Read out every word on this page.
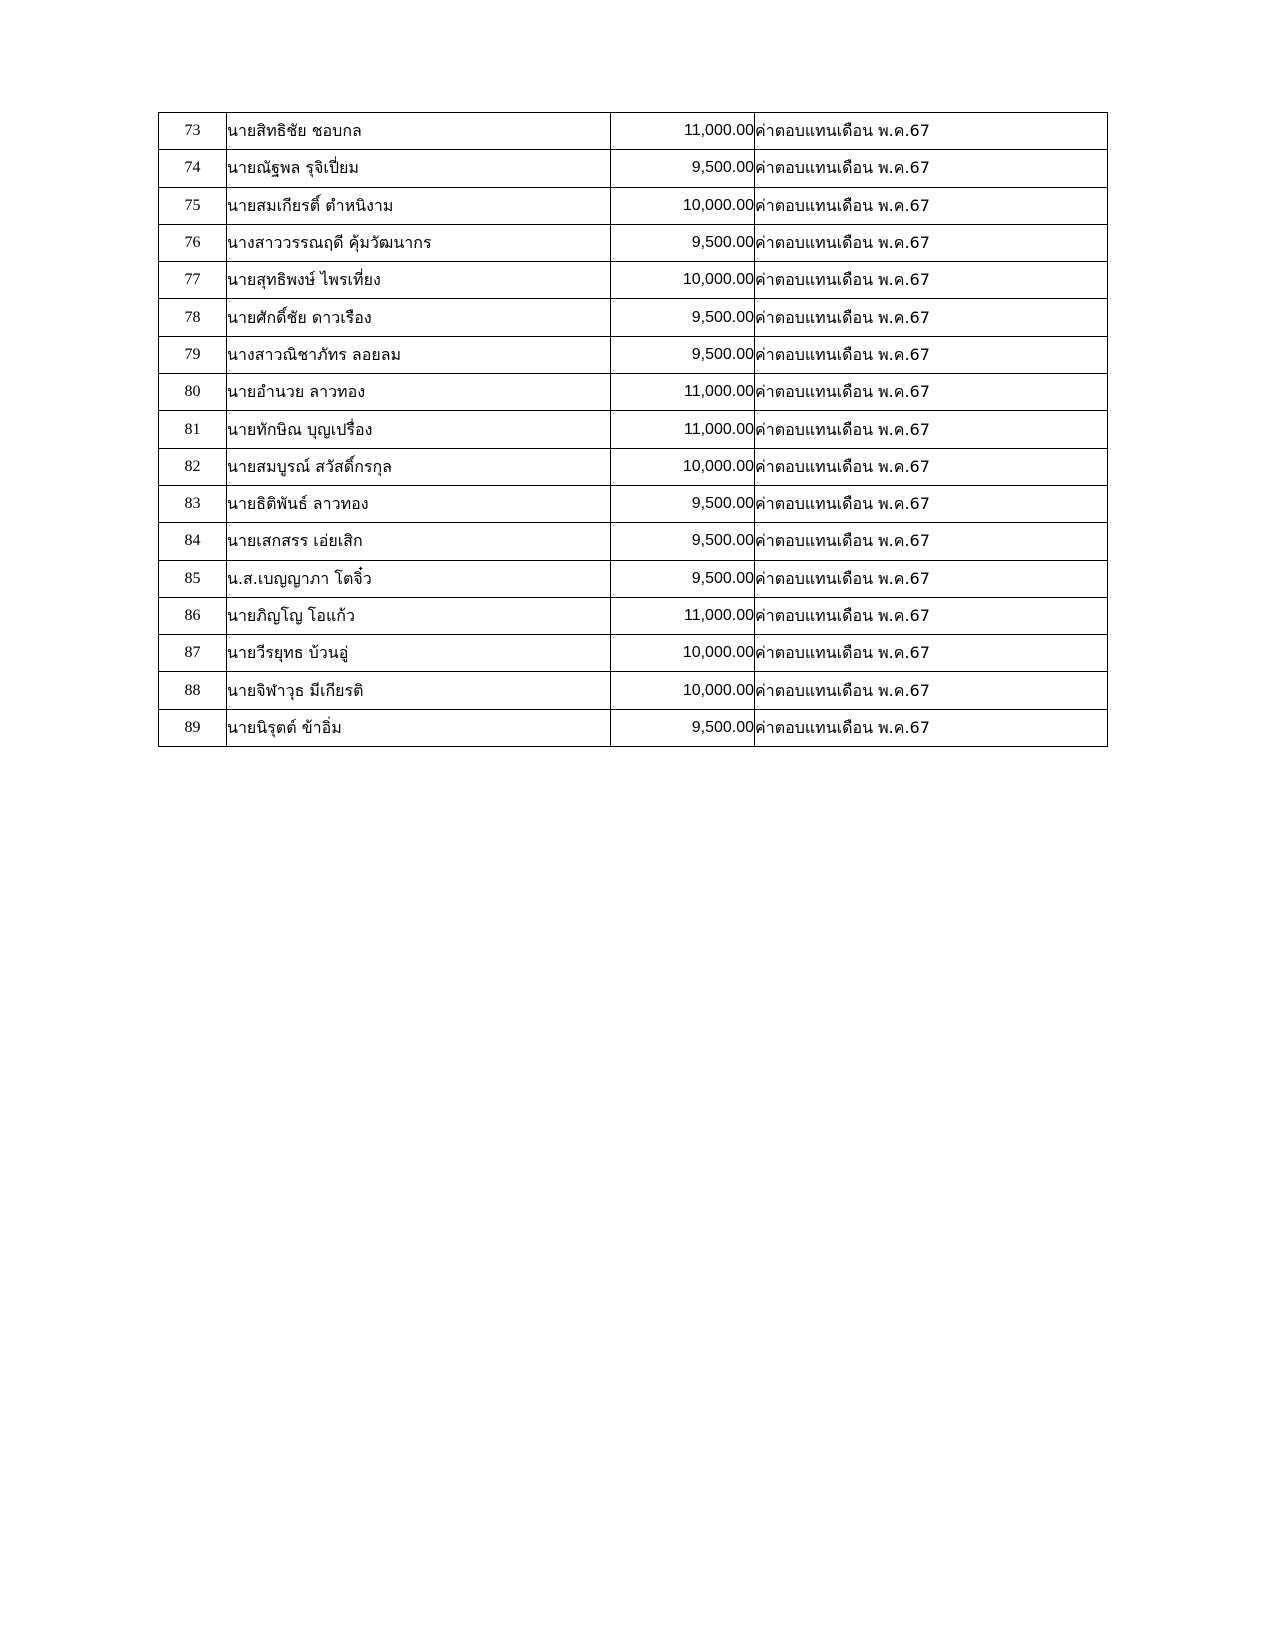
73	นายสิทธิชัย ชอบกล	11,000.00	ค่าตอบแทนเดือน พ.ค.67
74	นายณัฐพล รุจิเปี่ยม	9,500.00	ค่าตอบแทนเดือน พ.ค.67
75	นายสมเกียรติ์ ตำหนิงาม	10,000.00	ค่าตอบแทนเดือน พ.ค.67
76	นางสาววรรณฤดี คุ้มวัฒนากร	9,500.00	ค่าตอบแทนเดือน พ.ค.67
77	นายสุทธิพงษ์ ไพรเที่ยง	10,000.00	ค่าตอบแทนเดือน พ.ค.67
78	นายศักดิ์ชัย ดาวเรือง	9,500.00	ค่าตอบแทนเดือน พ.ค.67
79	นางสาวณิชาภัทร ลอยลม	9,500.00	ค่าตอบแทนเดือน พ.ค.67
80	นายอำนวย ลาวทอง	11,000.00	ค่าตอบแทนเดือน พ.ค.67
81	นายทักษิณ บุญเปรื่อง	11,000.00	ค่าตอบแทนเดือน พ.ค.67
82	นายสมบูรณ์ สวัสดิ์กรกุล	10,000.00	ค่าตอบแทนเดือน พ.ค.67
83	นายธิติพันธ์ ลาวทอง	9,500.00	ค่าตอบแทนเดือน พ.ค.67
84	นายเสกสรร เอ่ยเสิก	9,500.00	ค่าตอบแทนเดือน พ.ค.67
85	น.ส.เบญญาภา โตจิ๋ว	9,500.00	ค่าตอบแทนเดือน พ.ค.67
86	นายภิญโญ โอแก้ว	11,000.00	ค่าตอบแทนเดือน พ.ค.67
87	นายวีรยุทธ บ้วนอู่	10,000.00	ค่าตอบแทนเดือน พ.ค.67
88	นายจิฬาวุธ มีเกียรติ	10,000.00	ค่าตอบแทนเดือน พ.ค.67
89	นายนิรุตต์ ข้าอิ่ม	9,500.00	ค่าตอบแทนเดือน พ.ค.67
